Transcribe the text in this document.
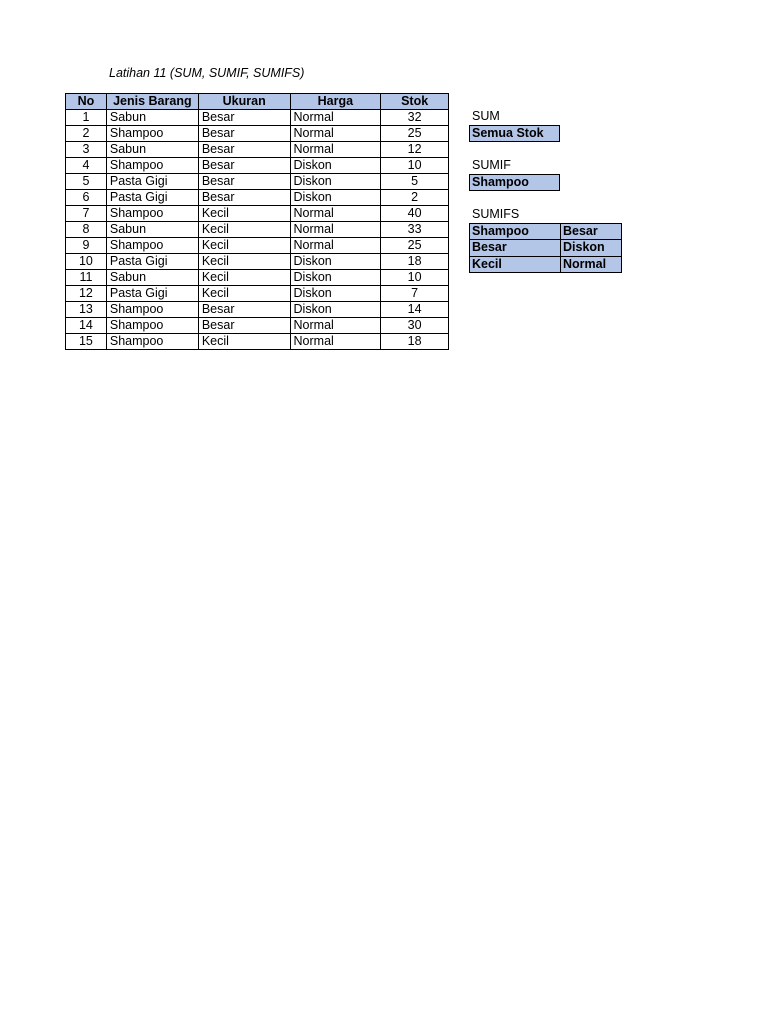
Latihan 11 (SUM, SUMIF, SUMIFS)
No	Jenis Barang	Ukuran	Harga	Stok
1	Sabun	Besar	Normal	32
2	Shampoo	Besar	Normal	25
3	Sabun	Besar	Normal	12
4	Shampoo	Besar	Diskon	10
5	Pasta Gigi	Besar	Diskon	5
6	Pasta Gigi	Besar	Diskon	2
7	Shampoo	Kecil	Normal	40
8	Sabun	Kecil	Normal	33
9	Shampoo	Kecil	Normal	25
10	Pasta Gigi	Kecil	Diskon	18
11	Sabun	Kecil	Diskon	10
12	Pasta Gigi	Kecil	Diskon	7
13	Shampoo	Besar	Diskon	14
14	Shampoo	Besar	Normal	30
15	Shampoo	Kecil	Normal	18
SUM
Semua Stok
SUMIF
Shampoo
SUMIFS
Shampoo	Besar
Besar	Diskon
Kecil	Normal
